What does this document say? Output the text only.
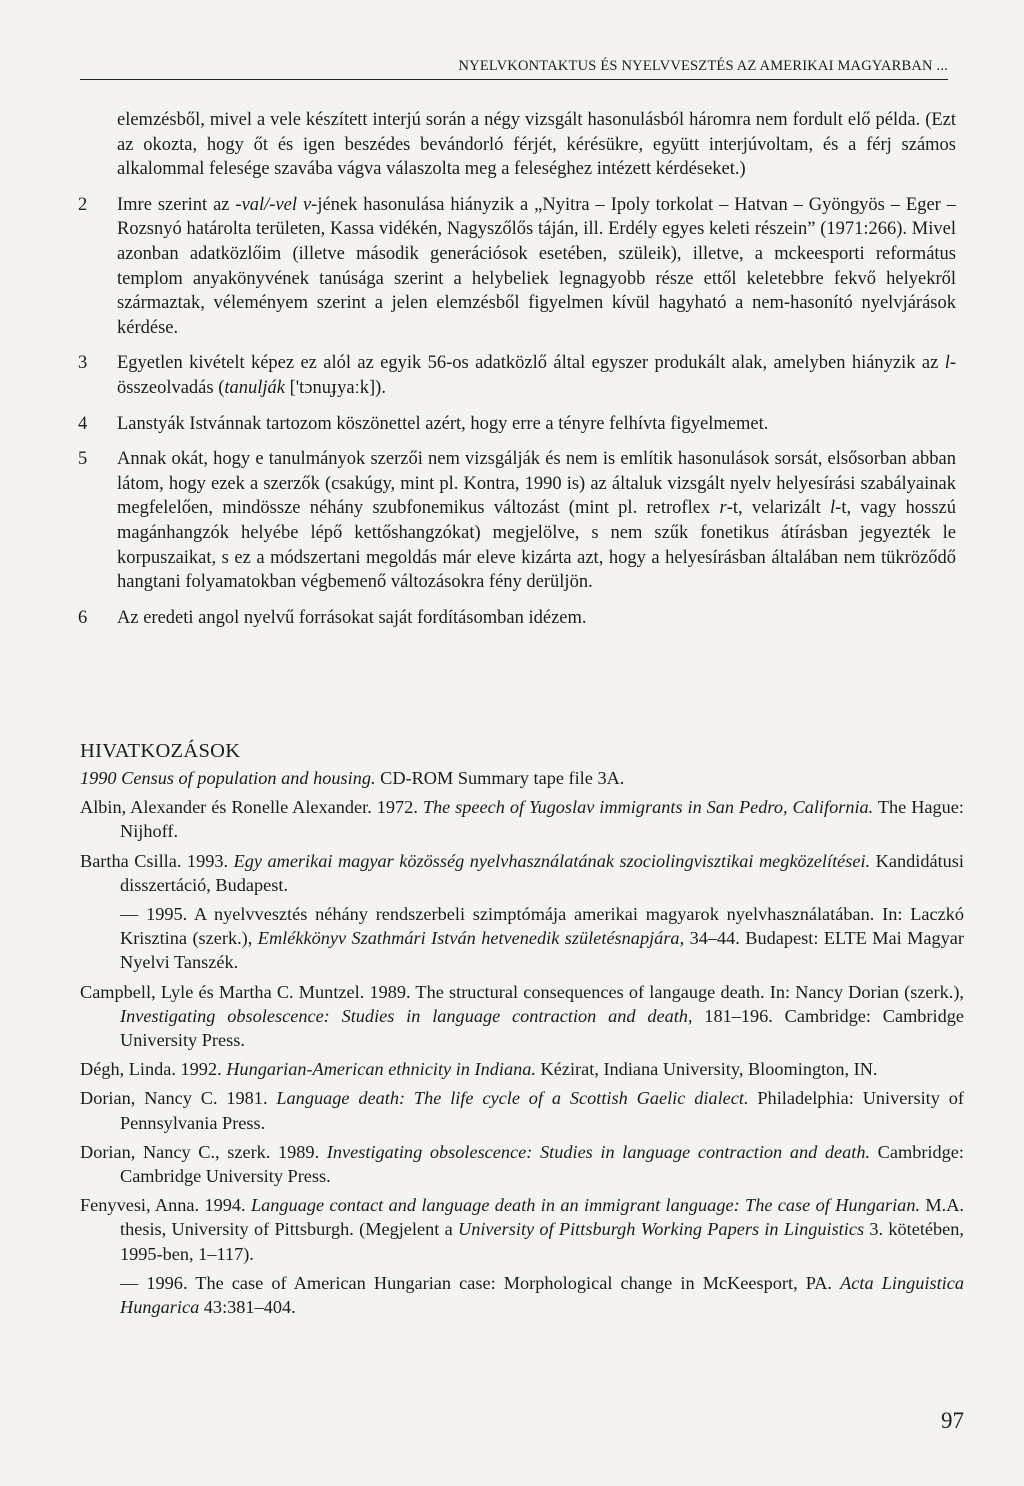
NYELVKONTAKTUS ÉS NYELVVESZTÉS AZ AMERIKAI MAGYARBAN ...
elemzésből, mivel a vele készített interjú során a négy vizsgált hasonulásból háromra nem fordult elő példa. (Ezt az okozta, hogy őt és igen beszédes bevándorló férjét, kérésükre, együtt interjúvoltam, és a férj számos alkalommal felesége szavába vágva válaszolta meg a feleséghez intézett kérdéseket.)
2	Imre szerint az -val/-vel v-jének hasonulása hiányzik a „Nyitra – Ipoly torkolat – Hatvan – Gyöngyös – Eger – Rozsnyó határolta területen, Kassa vidékén, Nagyszőlős táján, ill. Erdély egyes keleti részein” (1971:266). Mivel azonban adatközlőim (illetve második generációsok esetében, szüleik), illetve, a mckeesporti református templom anyakönyvének tanúsága szerint a helybeliek legnagyobb része ettől keletebbre fekvő helyekről származtak, véleményem szerint a jelen elemzésből figyelmen kívül hagyható a nem-hasonító nyelvjárások kérdése.
3	Egyetlen kivételt képez ez alól az egyik 56-os adatközlő által egyszer produkált alak, amelyben hiányzik az l-összeolvadás (tanulják ['tɔnuɟyaːk]).
4	Lanstyák Istvánnak tartozom köszönettel azért, hogy erre a tényre felhívta figyelmemet.
5	Annak okát, hogy e tanulmányok szerzői nem vizsgálják és nem is említik hasonulások sorsát, elsősorban abban látom, hogy ezek a szerzők (csakúgy, mint pl. Kontra, 1990 is) az általuk vizsgált nyelv helyesírási szabályainak megfelelően, mindössze néhány szubfonemikus változást (mint pl. retroflex r-t, velarizált l-t, vagy hosszú magánhangzók helyébe lépő kettőshangzókat) megjelölve, s nem szűk fonetikus átírásban jegyezték le korpuszaikat, s ez a módszertani megoldás már eleve kizárta azt, hogy a helyesírásban általában nem tükröződő hangtani folyamatokban végbemenő változásokra fény derüljön.
6	Az eredeti angol nyelvű forrásokat saját fordításomban idézem.
HIVATKOZÁSOK
1990 Census of population and housing. CD-ROM Summary tape file 3A.
Albin, Alexander és Ronelle Alexander. 1972. The speech of Yugoslav immigrants in San Pedro, California. The Hague: Nijhoff.
Bartha Csilla. 1993. Egy amerikai magyar közösség nyelvhasználatának szociolingvisztikai megközelítései. Kandidátusi disszertáció, Budapest.
— 1995. A nyelvvesztés néhány rendszerbeli szimptómája amerikai magyarok nyelvhasználatában. In: Laczkó Krisztina (szerk.), Emlékkönyv Szathmári István hetvenedik születésnapjára, 34–44. Budapest: ELTE Mai Magyar Nyelvi Tanszék.
Campbell, Lyle és Martha C. Muntzel. 1989. The structural consequences of langauge death. In: Nancy Dorian (szerk.), Investigating obsolescence: Studies in language contraction and death, 181–196. Cambridge: Cambridge University Press.
Dégh, Linda. 1992. Hungarian-American ethnicity in Indiana. Kézirat, Indiana University, Bloomington, IN.
Dorian, Nancy C. 1981. Language death: The life cycle of a Scottish Gaelic dialect. Philadelphia: University of Pennsylvania Press.
Dorian, Nancy C., szerk. 1989. Investigating obsolescence: Studies in language contraction and death. Cambridge: Cambridge University Press.
Fenyvesi, Anna. 1994. Language contact and language death in an immigrant language: The case of Hungarian. M.A. thesis, University of Pittsburgh. (Megjelent a University of Pittsburgh Working Papers in Linguistics 3. kötetében, 1995-ben, 1–117).
— 1996. The case of American Hungarian case: Morphological change in McKeesport, PA. Acta Linguistica Hungarica 43:381–404.
97
